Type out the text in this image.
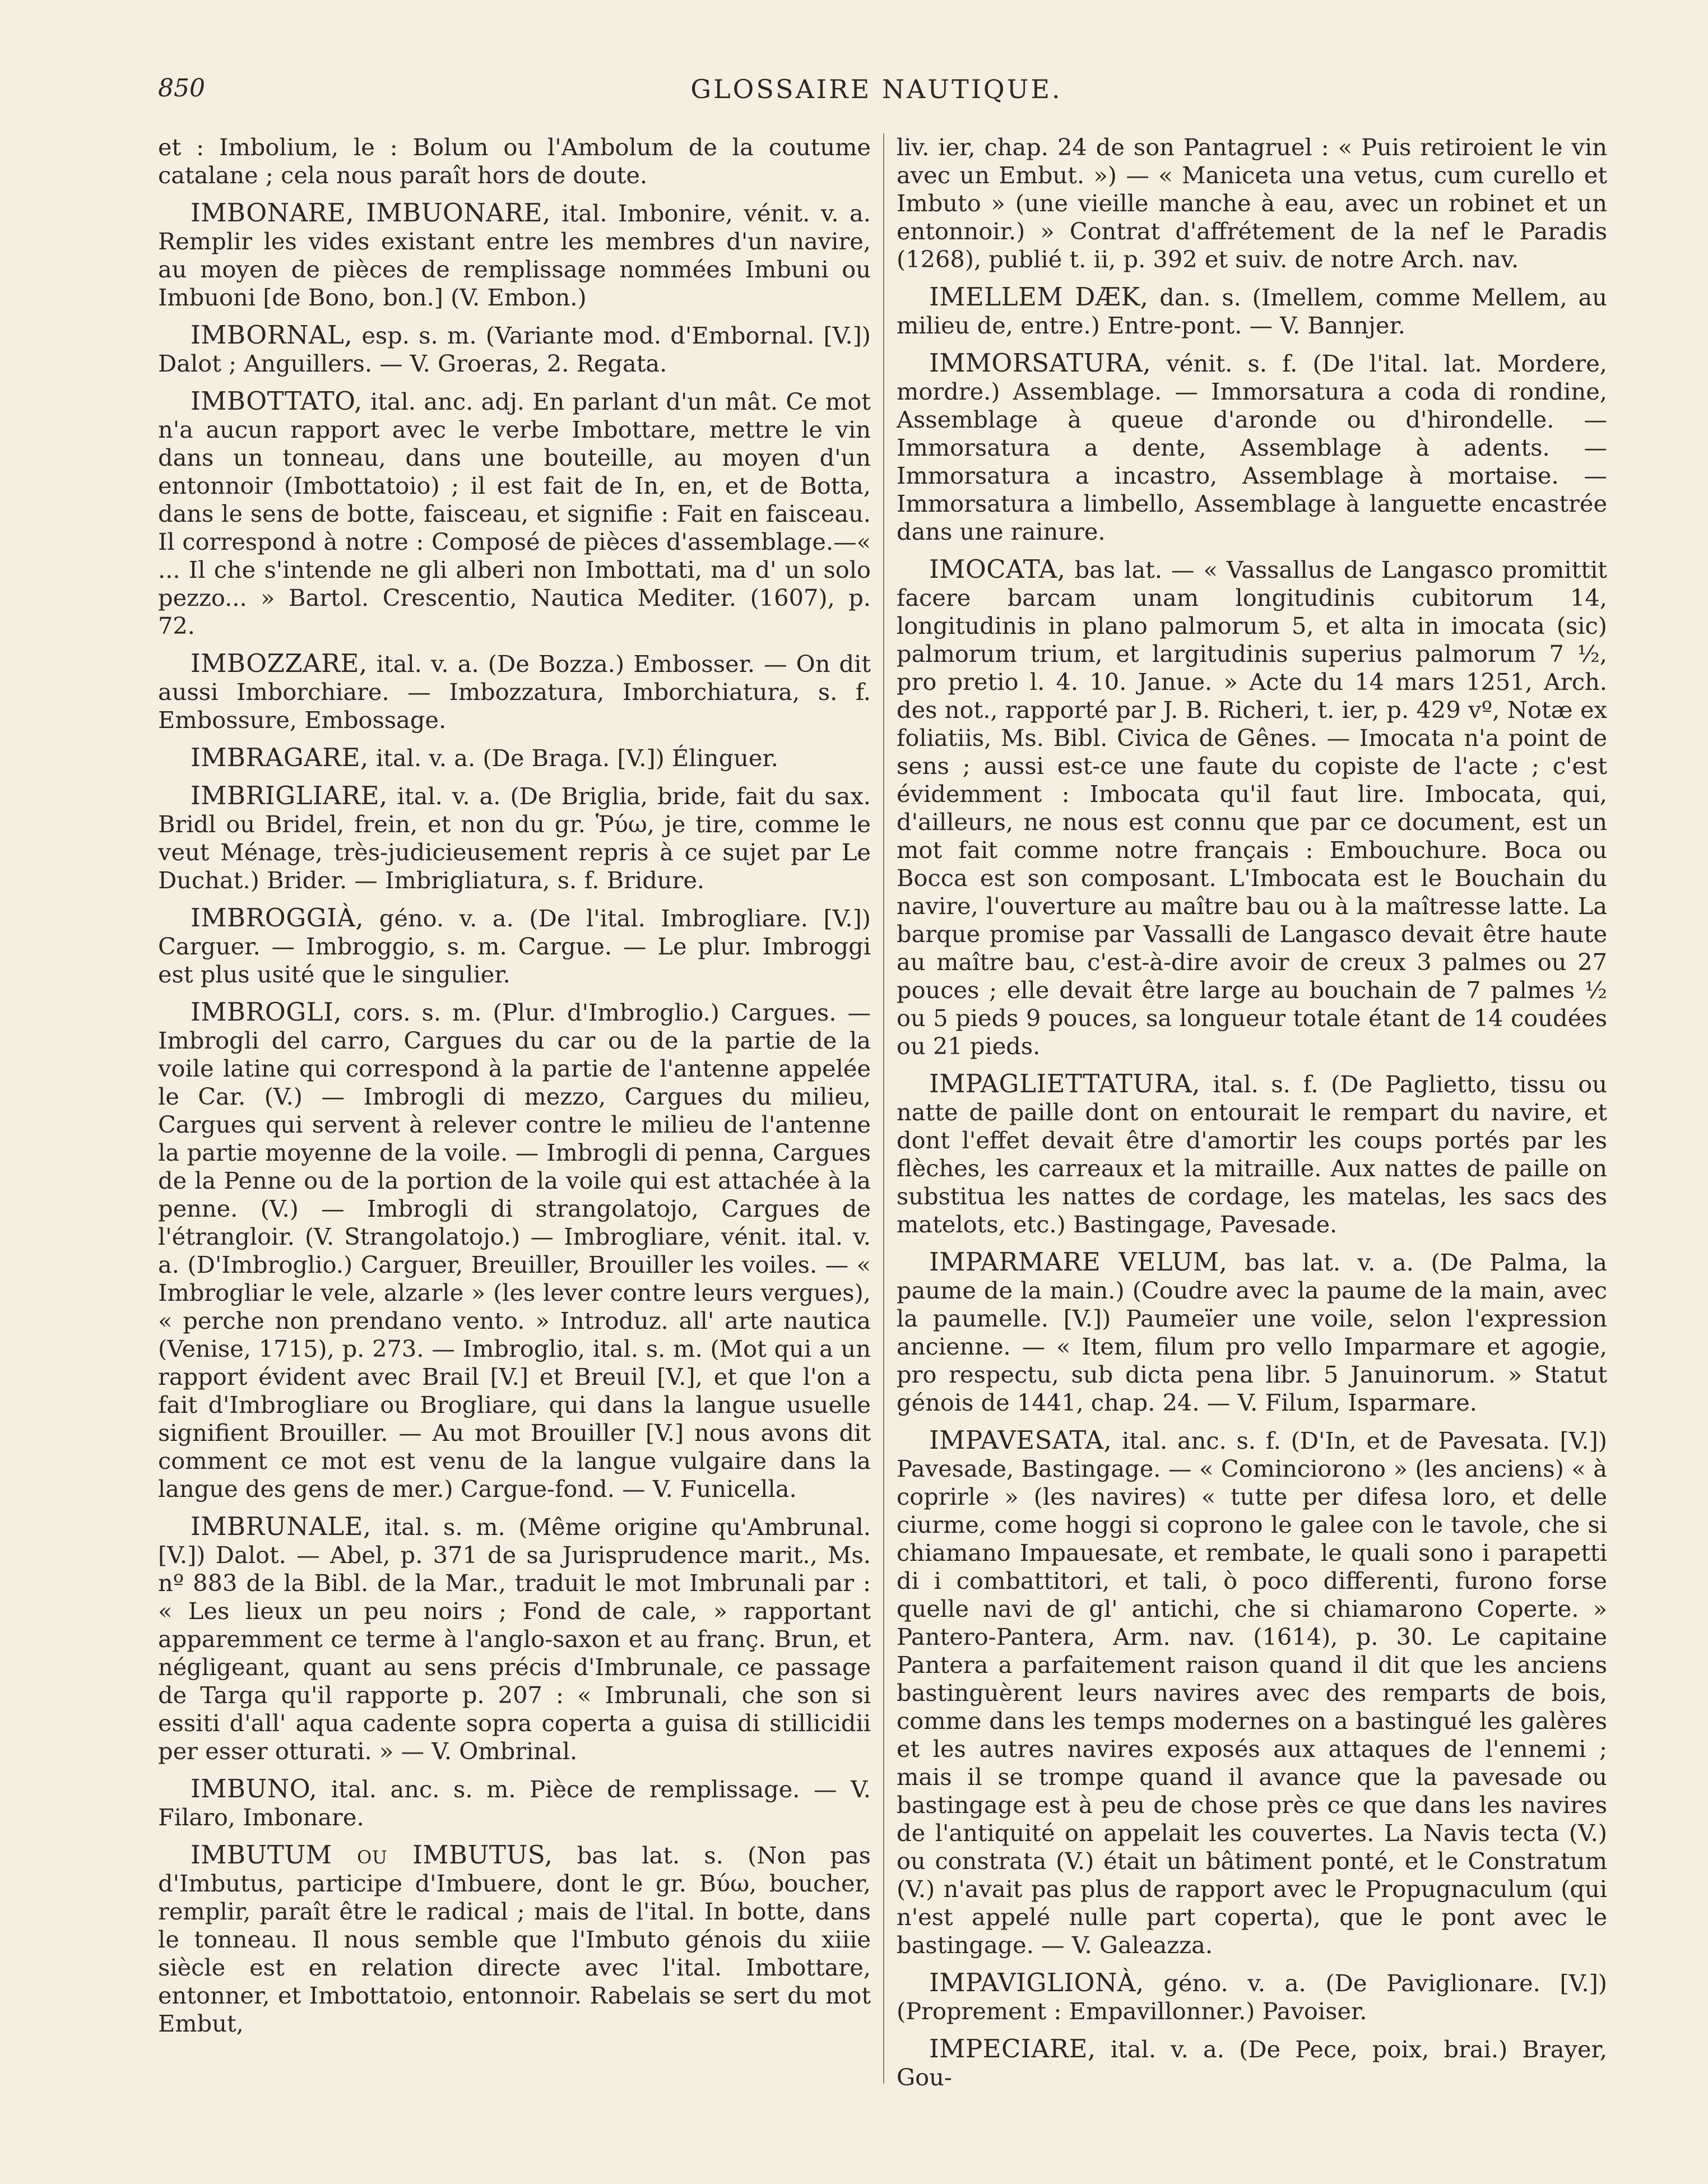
850	GLOSSAIRE NAUTIQUE.

et : Imbolium, le : Bolum ou l'Ambolum de la coutume catalane ; cela nous paraît hors de doute.

IMBONARE, IMBUONARE, ital. Imbonire, vénit. v. a. Remplir les vides existant entre les membres d'un navire, au moyen de pièces de remplissage nommées Imbuni ou Imbuoni [de Bono, bon.] (V. Embon.)

IMBORNAL, esp. s. m. (Variante mod. d'Embornal. [V.]) Dalot ; Anguillers. — V. Groeras, 2. Regata.

IMBOTTATO, ital. anc. adj. En parlant d'un mât. Ce mot n'a aucun rapport avec le verbe Imbottare, mettre le vin dans un tonneau, dans une bouteille, au moyen d'un entonnoir (Imbottatoio) ; il est fait de In, en, et de Botta, dans le sens de botte, faisceau, et signifie : Fait en faisceau. Il correspond à notre : Composé de pièces d'assemblage.—« ... Il che s'intende ne gli alberi non Imbottati, ma d' un solo pezzo... » Bartol. Crescentio, Nautica Mediter. (1607), p. 72.

IMBOZZARE, ital. v. a. (De Bozza.) Embosser. — On dit aussi Imborchiare. — Imbozzatura, Imborchiatura, s. f. Embossure, Embossage.

IMBRAGARE, ital. v. a. (De Braga. [V.]) Élinguer.

IMBRIGLIARE, ital. v. a. (De Briglia, bride, fait du sax. Bridl ou Bridel, frein, et non du gr. Ῥύω, je tire, comme le veut Ménage, très-judicieusement repris à ce sujet par Le Duchat.) Brider. — Imbrigliatura, s. f. Bridure.

IMBROGGIÀ, géno. v. a. (De l'ital. Imbrogliare. [V.]) Carguer. — Imbroggio, s. m. Cargue. — Le plur. Imbroggi est plus usité que le singulier.

IMBROGLI, cors. s. m. (Plur. d'Imbroglio.) Cargues. — Imbrogli del carro, Cargues du car ou de la partie de la voile latine qui correspond à la partie de l'antenne appelée le Car. (V.) — Imbrogli di mezzo, Cargues du milieu, Cargues qui servent à relever contre le milieu de l'antenne la partie moyenne de la voile. — Imbrogli di penna, Cargues de la Penne ou de la portion de la voile qui est attachée à la penne. (V.) — Imbrogli di strangolatojo, Cargues de l'étrangloir. (V. Strangolatojo.) — Imbrogliare, vénit. ital. v. a. (D'Imbroglio.) Carguer, Breuiller, Brouiller les voiles. — « Imbrogliar le vele, alzarle » (les lever contre leurs vergues), « perche non prendano vento. » Introduz. all' arte nautica (Venise, 1715), p. 273. — Imbroglio, ital. s. m. (Mot qui a un rapport évident avec Brail [V.] et Breuil [V.], et que l'on a fait d'Imbrogliare ou Brogliare, qui dans la langue usuelle signifient Brouiller. — Au mot Brouiller [V.] nous avons dit comment ce mot est venu de la langue vulgaire dans la langue des gens de mer.) Cargue-fond. — V. Funicella.

IMBRUNALE, ital. s. m. (Même origine qu'Ambrunal. [V.]) Dalot. — Abel, p. 371 de sa Jurisprudence marit., Ms. nº 883 de la Bibl. de la Mar., traduit le mot Imbrunali par : « Les lieux un peu noirs ; Fond de cale, » rapportant apparemment ce terme à l'anglo-saxon et au franç. Brun, et négligeant, quant au sens précis d'Imbrunale, ce passage de Targa qu'il rapporte p. 207 : « Imbrunali, che son si essiti d'all' aqua cadente sopra coperta a guisa di stillicidii per esser otturati. » — V. Ombrinal.

IMBUNO, ital. anc. s. m. Pièce de remplissage. — V. Filaro, Imbonare.

IMBUTUM ou IMBUTUS, bas lat. s. (Non pas d'Imbutus, participe d'Imbuere, dont le gr. Βύω, boucher, remplir, paraît être le radical ; mais de l'ital. In botte, dans le tonneau. Il nous semble que l'Imbuto génois du xiiie siècle est en relation directe avec l'ital. Imbottare, entonner, et Imbottatoio, entonnoir. Rabelais se sert du mot Embut,

liv. ier, chap. 24 de son Pantagruel : « Puis retiroient le vin avec un Embut. ») — « Maniceta una vetus, cum curello et Imbuto » (une vieille manche à eau, avec un robinet et un entonnoir.) » Contrat d'affrétement de la nef le Paradis (1268), publié t. ii, p. 392 et suiv. de notre Arch. nav.

IMELLEM DÆK, dan. s. (Imellem, comme Mellem, au milieu de, entre.) Entre-pont. — V. Bannjer.

IMMORSATURA, vénit. s. f. (De l'ital. lat. Mordere, mordre.) Assemblage. — Immorsatura a coda di rondine, Assemblage à queue d'aronde ou d'hirondelle. — Immorsatura a dente, Assemblage à adents. — Immorsatura a incastro, Assemblage à mortaise. — Immorsatura a limbello, Assemblage à languette encastrée dans une rainure.

IMOCATA, bas lat. — « Vassallus de Langasco promittit facere barcam unam longitudinis cubitorum 14, longitudinis in plano palmorum 5, et alta in imocata (sic) palmorum trium, et largitudinis superius palmorum 7 ½, pro pretio l. 4. 10. Janue. » Acte du 14 mars 1251, Arch. des not., rapporté par J. B. Richeri, t. ier, p. 429 vº, Notæ ex foliatiis, Ms. Bibl. Civica de Gênes. — Imocata n'a point de sens ; aussi est-ce une faute du copiste de l'acte ; c'est évidemment : Imbocata qu'il faut lire. Imbocata, qui, d'ailleurs, ne nous est connu que par ce document, est un mot fait comme notre français : Embouchure. Boca ou Bocca est son composant. L'Imbocata est le Bouchain du navire, l'ouverture au maître bau ou à la maîtresse latte. La barque promise par Vassalli de Langasco devait être haute au maître bau, c'est-à-dire avoir de creux 3 palmes ou 27 pouces ; elle devait être large au bouchain de 7 palmes ½ ou 5 pieds 9 pouces, sa longueur totale étant de 14 coudées ou 21 pieds.

IMPAGLIETTATURA, ital. s. f. (De Paglietto, tissu ou natte de paille dont on entourait le rempart du navire, et dont l'effet devait être d'amortir les coups portés par les flèches, les carreaux et la mitraille. Aux nattes de paille on substitua les nattes de cordage, les matelas, les sacs des matelots, etc.) Bastingage, Pavesade.

IMPARMARE VELUM, bas lat. v. a. (De Palma, la paume de la main.) (Coudre avec la paume de la main, avec la paumelle. [V.]) Paumeïer une voile, selon l'expression ancienne. — « Item, filum pro vello Imparmare et agogie, pro respectu, sub dicta pena libr. 5 Januinorum. » Statut génois de 1441, chap. 24. — V. Filum, Isparmare.

IMPAVESATA, ital. anc. s. f. (D'In, et de Pavesata. [V.]) Pavesade, Bastingage. — « Cominciorono » (les anciens) « à coprirle » (les navires) « tutte per difesa loro, et delle ciurme, come hoggi si coprono le galee con le tavole, che si chiamano Impauesate, et rembate, le quali sono i parapetti di i combattitori, et tali, ò poco differenti, furono forse quelle navi de gl' antichi, che si chiamarono Coperte. » Pantero-Pantera, Arm. nav. (1614), p. 30. Le capitaine Pantera a parfaitement raison quand il dit que les anciens bastinguèrent leurs navires avec des remparts de bois, comme dans les temps modernes on a bastingué les galères et les autres navires exposés aux attaques de l'ennemi ; mais il se trompe quand il avance que la pavesade ou bastingage est à peu de chose près ce que dans les navires de l'antiquité on appelait les couvertes. La Navis tecta (V.) ou constrata (V.) était un bâtiment ponté, et le Constratum (V.) n'avait pas plus de rapport avec le Propugnaculum (qui n'est appelé nulle part coperta), que le pont avec le bastingage. — V. Galeazza.

IMPAVIGLIONÀ, géno. v. a. (De Paviglionare. [V.]) (Proprement : Empavillonner.) Pavoiser.

IMPECIARE, ital. v. a. (De Pece, poix, brai.) Brayer, Gou-
